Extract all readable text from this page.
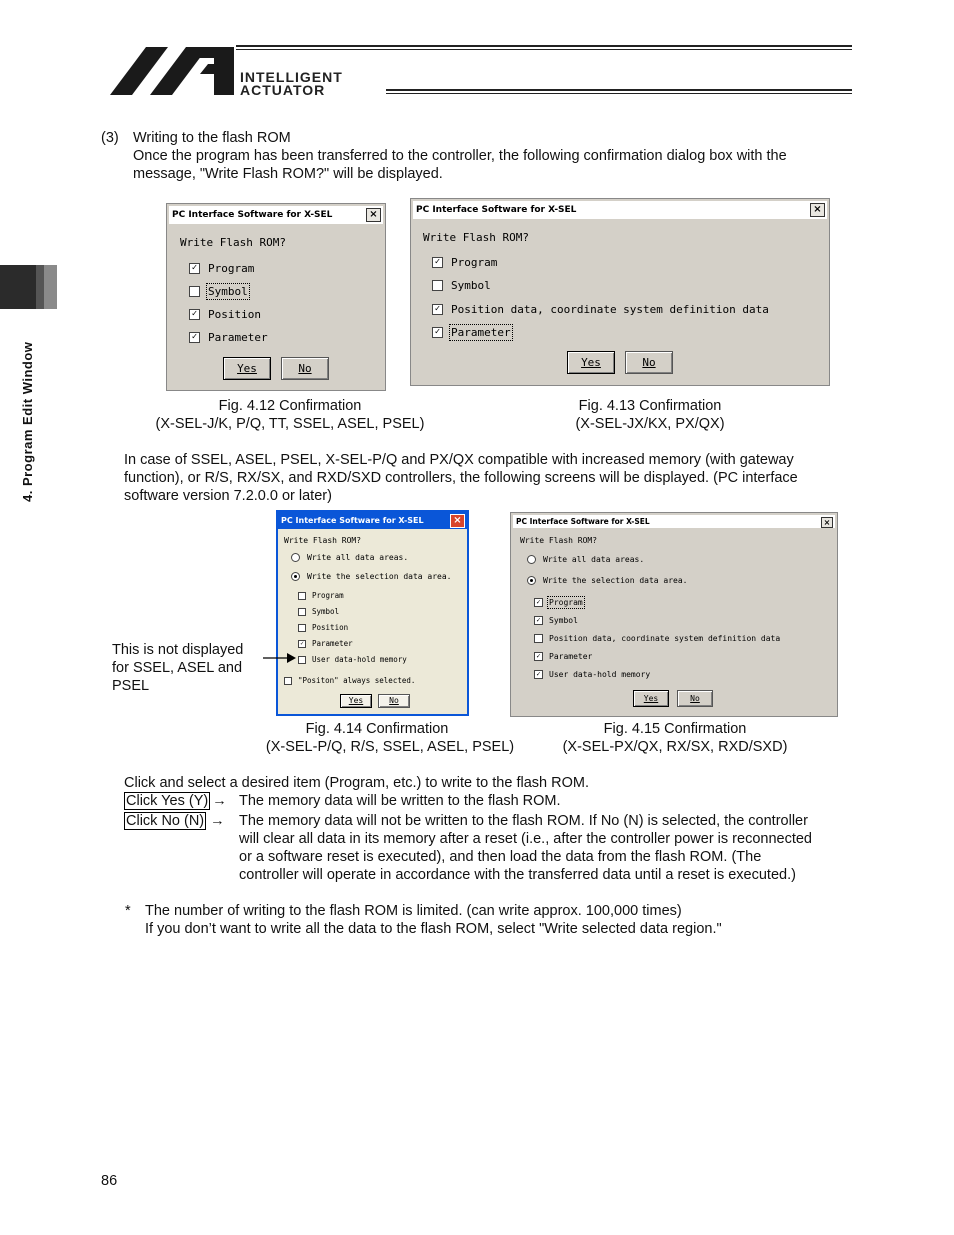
INTELLIGENT
ACTUATOR
4. Program Edit Window
(3) Writing to the flash ROM
Once the program has been transferred to the controller, the following confirmation dialog box with the
message, "Write Flash ROM?" will be displayed.
PC Interface Software for X-SEL	×
Write Flash ROM?
✓ Program
Symbol
✓ Position
✓ Parameter
Yes	No
PC Interface Software for X-SEL	×
Write Flash ROM?
✓ Program
Symbol
✓ Position data, coordinate system definition data
✓ Parameter
Yes	No
Fig. 4.12 Confirmation
(X-SEL-J/K, P/Q, TT, SSEL, ASEL, PSEL)
Fig. 4.13 Confirmation
(X-SEL-JX/KX, PX/QX)
In case of SSEL, ASEL, PSEL, X-SEL-P/Q and PX/QX compatible with increased memory (with gateway
function), or R/S, RX/SX, and RXD/SXD controllers, the following screens will be displayed. (PC interface
software version 7.2.0.0 or later)
PC Interface Software for X-SEL	×
Write Flash ROM?
Write all data areas.
Write the selection data area.
Program
Symbol
Position
✓ Parameter
User data-hold memory
"Positon" always selected.
Yes	No
PC Interface Software for X-SEL	×
Write Flash ROM?
Write all data areas.
Write the selection data area.
✓ Program
✓ Symbol
Position data, coordinate system definition data
✓ Parameter
✓ User data-hold memory
Yes	No
This is not displayed
for SSEL, ASEL and
PSEL
Fig. 4.14 Confirmation
(X-SEL-P/Q, R/S, SSEL, ASEL, PSEL)
Fig. 4.15 Confirmation
(X-SEL-PX/QX, RX/SX, RXD/SXD)
Click and select a desired item (Program, etc.) to write to the flash ROM.
Click Yes (Y) → The memory data will be written to the flash ROM.
Click No (N) → The memory data will not be written to the flash ROM. If No (N) is selected, the controller
will clear all data in its memory after a reset (i.e., after the controller power is reconnected
or a software reset is executed), and then load the data from the flash ROM. (The
controller will operate in accordance with the transferred data until a reset is executed.)
* The number of writing to the flash ROM is limited. (can write approx. 100,000 times)
If you don’t want to write all the data to the flash ROM, select "Write selected data region."
86
